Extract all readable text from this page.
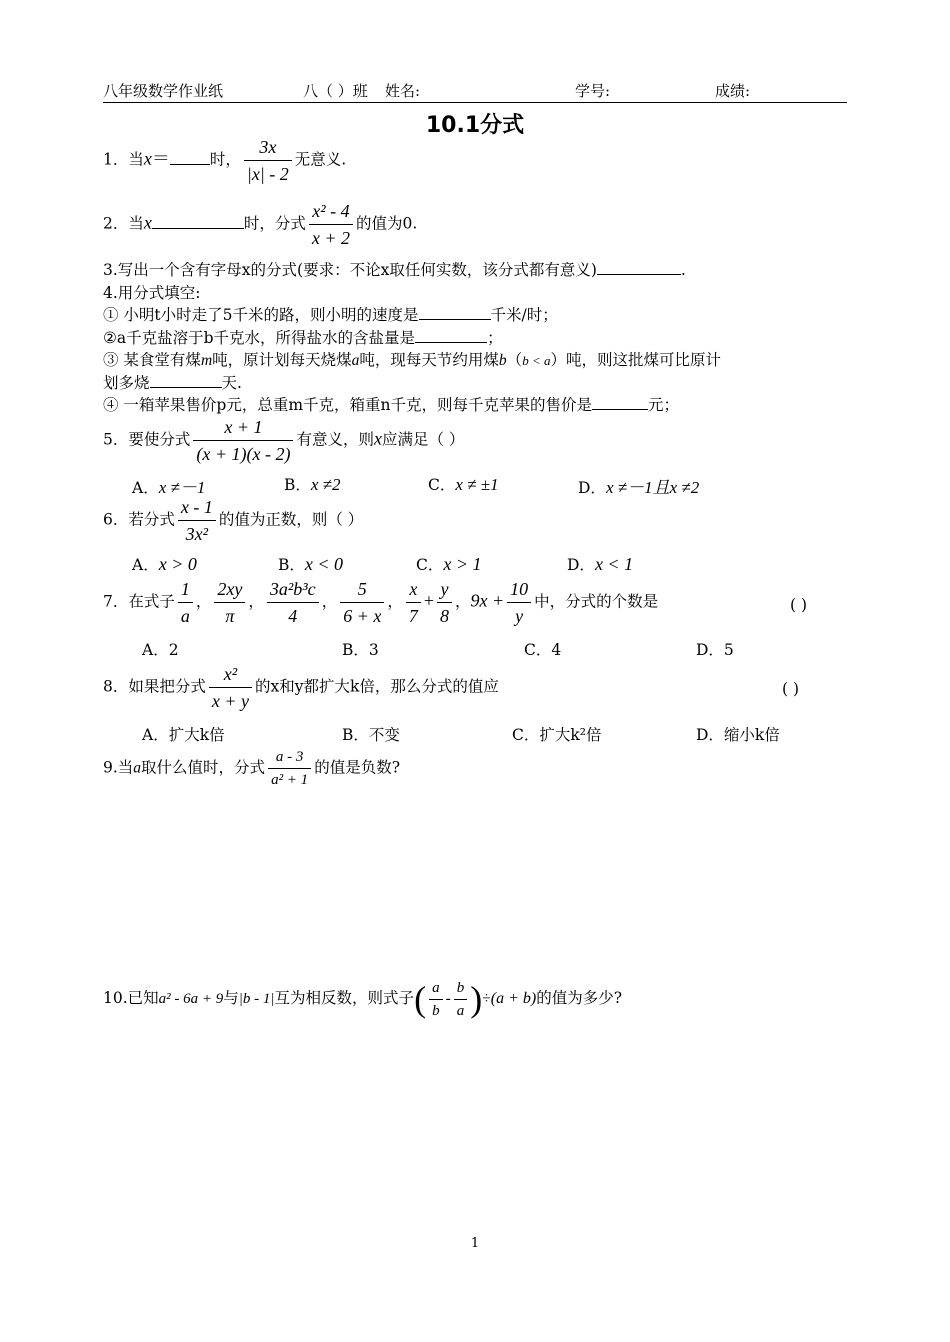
八年级数学作业纸	八（ ）班 姓名:	学号:	成绩:
10.1分式
1．当x＝	时， $\frac{3x}{|x| - 2}$ 无意义.
2．当x	时，分式 $\frac{\text{x² - 4}}{x + 2}$ 的值为0.
3.写出一个含有字母x的分式(要求：不论x取任何实数，该分式都有意义)	.
4.用分式填空:
① 小明t小时走了5千米的路，则小明的速度是	千米/时；
②a千克盐溶于b千克水，所得盐水的含盐量是	；
③ 某食堂有煤m吨，原计划每天烧煤a吨，现每天节约用煤b（b < a）吨，则这批煤可比原计
划多烧	天.
④ 一箱苹果售价p元，总重m千克，箱重n千克，则每千克苹果的售价是	元；
5．要使分式 $\frac{x + 1}{(x + 1)(x - 2)}$ 有意义，则x应满足（ ）
A．x ≠－1	B．x ≠2	C．x ≠ ±1	D．x ≠－1且x ≠2
6．若分式 $\frac{x - 1}{\text{3x²}}$ 的值为正数，则（ ）
A．x > 0	B．x < 0	C．x > 1	D．x < 1
7．在式子 $\frac{1}{a}$ ， $\frac{2xy}{\pi}$ ， $\frac{\text{3a²b³c}}{4}$ ， $\frac{5}{6 + x}$ ， $\frac{x}{7} + \frac{y}{8}$ ，$9x + \frac{10}{y}$ 中，分式的个数是	( )
A．2	B．3	C．4	D．5
8．如果把分式 $\frac{\text{x²}}{x + y}$ 的x和y都扩大k倍，那么分式的值应	( )
A．扩大k倍	B．不变	C．扩大k²倍	D．缩小k倍
9.当a取什么值时，分式 $\frac{a - 3}{\text{a² + 1}}$ 的值是负数?
10.已知a² - 6a + 9与|b - 1|互为相反数，则式子( $\frac{a}{b} - \frac{b}{a} )\div(a + b)$的值为多少?
1
